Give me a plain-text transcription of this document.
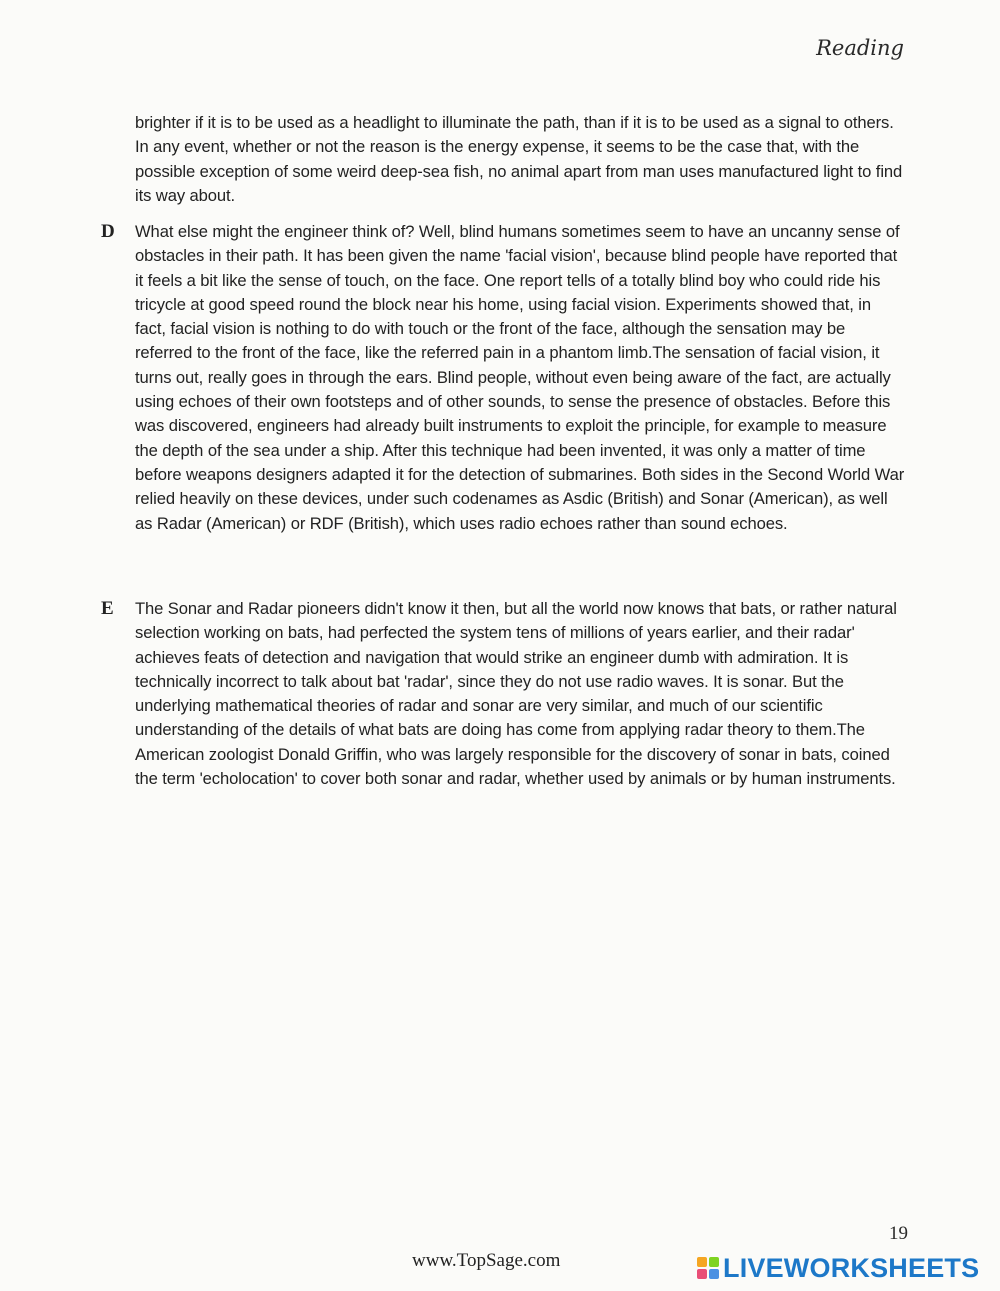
Reading

brighter if it is to be used as a headlight to illuminate the path, than if it is to be used as a signal to others. In any event, whether or not the reason is the energy expense, it seems to be the case that, with the possible exception of some weird deep-sea fish, no animal apart from man uses manufactured light to find its way about.

D What else might the engineer think of? Well, blind humans sometimes seem to have an uncanny sense of obstacles in their path. It has been given the name 'facial vision', because blind people have reported that it feels a bit like the sense of touch, on the face. One report tells of a totally blind boy who could ride his tricycle at good speed round the block near his home, using facial vision. Experiments showed that, in fact, facial vision is nothing to do with touch or the front of the face, although the sensation may be referred to the front of the face, like the referred pain in a phantom limb.The sensation of facial vision, it turns out, really goes in through the ears. Blind people, without even being aware of the fact, are actually using echoes of their own footsteps and of other sounds, to sense the presence of obstacles. Before this was discovered, engineers had already built instruments to exploit the principle, for example to measure the depth of the sea under a ship. After this technique had been invented, it was only a matter of time before weapons designers adapted it for the detection of submarines. Both sides in the Second World War relied heavily on these devices, under such codenames as Asdic (British) and Sonar (American), as well as Radar (American) or RDF (British), which uses radio echoes rather than sound echoes.

E The Sonar and Radar pioneers didn't know it then, but all the world now knows that bats, or rather natural selection working on bats, had perfected the system tens of millions of years earlier, and their radar' achieves feats of detection and navigation that would strike an engineer dumb with admiration. It is technically incorrect to talk about bat 'radar', since they do not use radio waves. It is sonar. But the underlying mathematical theories of radar and sonar are very similar, and much of our scientific understanding of the details of what bats are doing has come from applying radar theory to them.The American zoologist Donald Griffin, who was largely responsible for the discovery of sonar in bats, coined the term 'echolocation' to cover both sonar and radar, whether used by animals or by human instruments.

19

www.TopSage.com	LIVEWORKSHEETS
